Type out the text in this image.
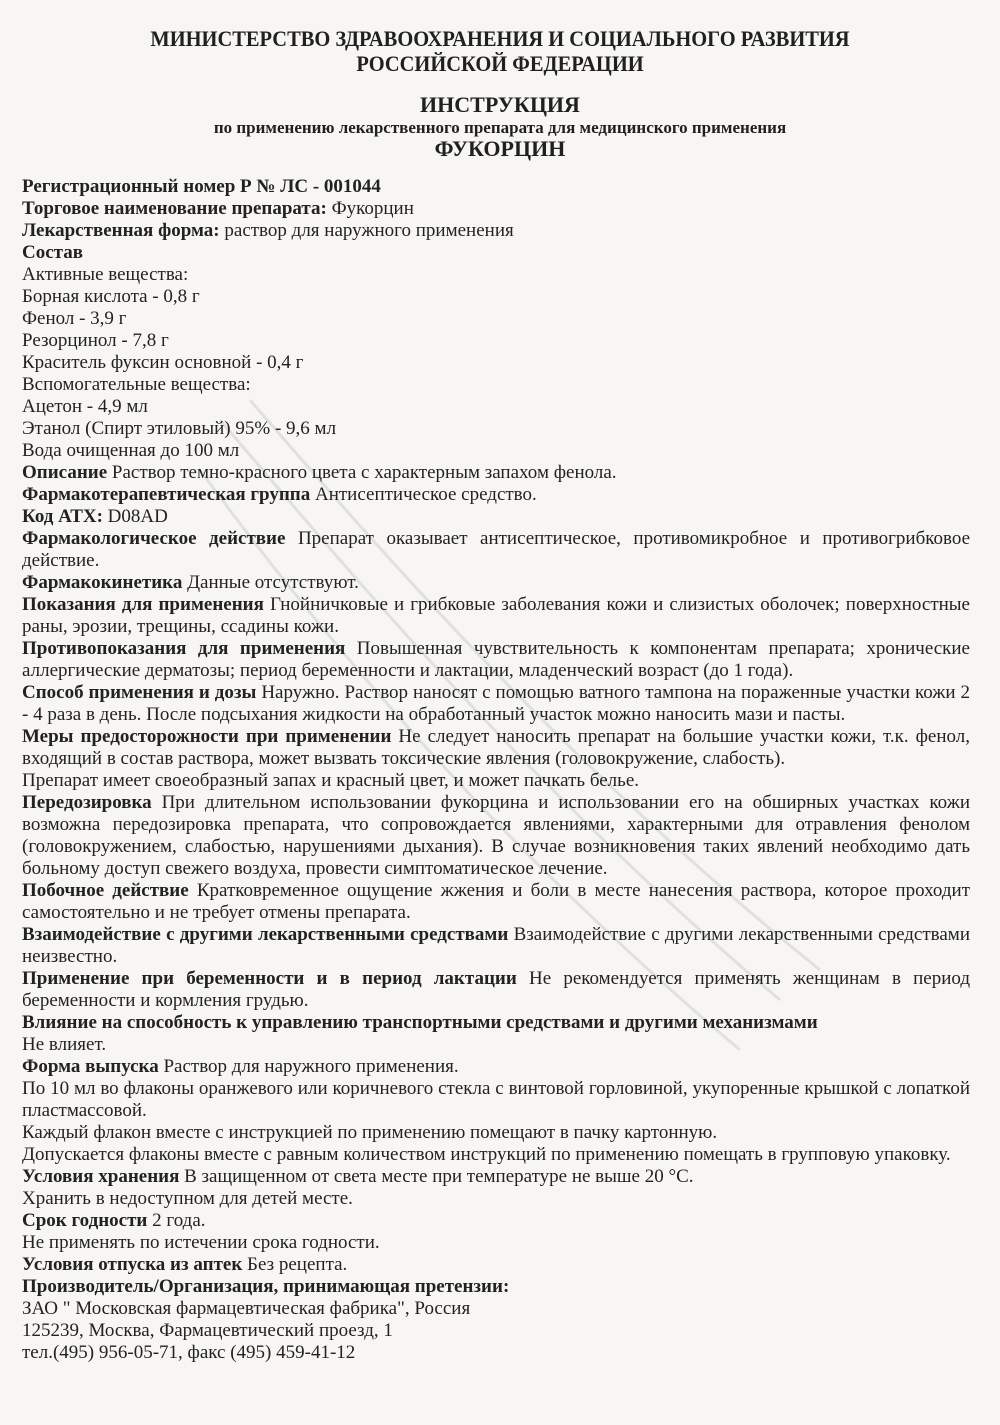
МИНИСТЕРСТВО ЗДРАВООХРАНЕНИЯ И СОЦИАЛЬНОГО РАЗВИТИЯ
РОССИЙСКОЙ ФЕДЕРАЦИИ
ИНСТРУКЦИЯ
по применению лекарственного препарата для медицинского применения
ФУКОРЦИН

Регистрационный номер Р № ЛС - 001044

Торговое наименование препарата: Фукорцин

Лекарственная форма: раствор для наружного применения

Состав

Активные вещества:

Борная кислота - 0,8 г

Фенол - 3,9 г

Резорцинол - 7,8 г

Краситель фуксин основной - 0,4 г

Вспомогательные вещества:

Ацетон - 4,9 мл

Этанол (Спирт этиловый) 95% - 9,6 мл

Вода очищенная до 100 мл

Описание Раствор темно-красного цвета с характерным запахом фенола.

Фармакотерапевтическая группа Антисептическое средство.

Код АТХ: D08AD

Фармакологическое действие Препарат оказывает антисептическое, противомикробное и противогрибковое действие.

Фармакокинетика Данные отсутствуют.

Показания для применения Гнойничковые и грибковые заболевания кожи и слизистых оболочек; поверхностные раны, эрозии, трещины, ссадины кожи.

Противопоказания для применения Повышенная чувствительность к компонентам препарата; хронические аллергические дерматозы; период беременности и лактации, младенческий возраст (до 1 года).

Способ применения и дозы Наружно. Раствор наносят с помощью ватного тампона на пораженные участки кожи 2 - 4 раза в день. После подсыхания жидкости на обработанный участок можно наносить мази и пасты.

Меры предосторожности при применении Не следует наносить препарат на большие участки кожи, т.к. фенол, входящий в состав раствора, может вызвать токсические явления (головокружение, слабость).

Препарат имеет своеобразный запах и красный цвет, и может пачкать белье.

Передозировка При длительном использовании фукорцина и использовании его на обширных участках кожи возможна передозировка препарата, что сопровождается явлениями, характерными для отравления фенолом (головокружением, слабостью, нарушениями дыхания). В случае возникновения таких явлений необходимо дать больному доступ свежего воздуха, провести симптоматическое лечение.

Побочное действие Кратковременное ощущение жжения и боли в месте нанесения раствора, которое проходит самостоятельно и не требует отмены препарата.

Взаимодействие с другими лекарственными средствами Взаимодействие с другими лекарственными средствами неизвестно.

Применение при беременности и в период лактации Не рекомендуется применять женщинам в период беременности и кормления грудью.

Влияние на способность к управлению транспортными средствами и другими механизмами

Не влияет.

Форма выпуска Раствор для наружного применения.

По 10 мл во флаконы оранжевого или коричневого стекла с винтовой горловиной, укупоренные крышкой с лопаткой пластмассовой.

Каждый флакон вместе с инструкцией по применению помещают в пачку картонную.

Допускается флаконы вместе с равным количеством инструкций по применению помещать в групповую упаковку.

Условия хранения В защищенном от света месте при температуре не выше 20 °С.

Хранить в недоступном для детей месте.

Срок годности 2 года.

Не применять по истечении срока годности.

Условия отпуска из аптек Без рецепта.

Производитель/Организация, принимающая претензии:

ЗАО " Московская фармацевтическая фабрика", Россия

125239, Москва, Фармацевтический проезд, 1

тел.(495) 956-05-71, факс (495) 459-41-12
